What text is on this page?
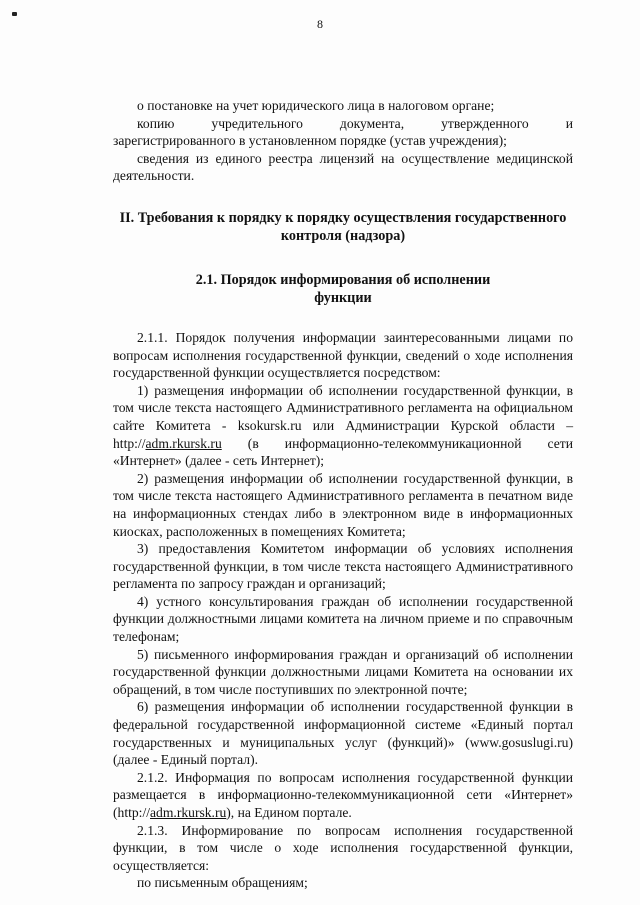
8

о постановке на учет юридического лица в налоговом органе;

копию учредительного документа, утвержденного и

зарегистрированного в установленном порядке (устав учреждения);

сведения из единого реестра лицензий на осуществление медицинской деятельности.

II. Требования к порядку к порядку осуществления государственного
контроля (надзора)
2.1. Порядок информирования об исполнении
функции

2.1.1. Порядок получения информации заинтересованными лицами по вопросам исполнения государственной функции, сведений о ходе исполнения государственной функции осуществляется посредством:

1) размещения информации об исполнении государственной функции, в том числе текста настоящего Административного регламента на официальном сайте Комитета - ksokursk.ru или Администрации Курской области – http://adm.rkursk.ru (в информационно-телекоммуникационной сети «Интернет» (далее - сеть Интернет);

2) размещения информации об исполнении государственной функции, в том числе текста настоящего Административного регламента в печатном виде на информационных стендах либо в электронном виде в информационных киосках, расположенных в помещениях Комитета;

3) предоставления Комитетом информации об условиях исполнения государственной функции, в том числе текста настоящего Административного регламента по запросу граждан и организаций;

4) устного консультирования граждан об исполнении государственной функции должностными лицами комитета на личном приеме и по справочным телефонам;

5) письменного информирования граждан и организаций об исполнении государственной функции должностными лицами Комитета на основании их обращений, в том числе поступивших по электронной почте;

6) размещения информации об исполнении государственной функции в федеральной государственной информационной системе «Единый портал государственных и муниципальных услуг (функций)» (www.gosuslugi.ru) (далее - Единый портал).

2.1.2. Информация по вопросам исполнения государственной функции размещается в информационно-телекоммуникационной сети «Интернет» (http://adm.rkursk.ru), на Едином портале.

2.1.3. Информирование по вопросам исполнения государственной функции, в том числе о ходе исполнения государственной функции, осуществляется:

по письменным обращениям;
